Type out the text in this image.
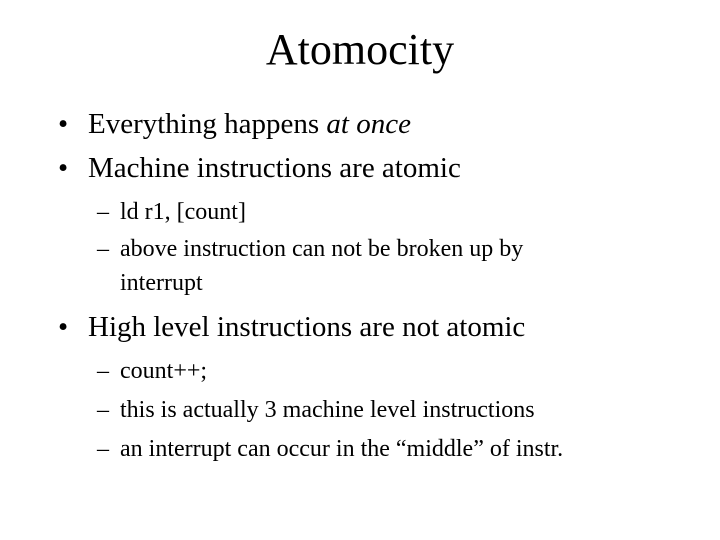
Atomocity
• Everything happens at once
• Machine instructions are atomic
– ld r1, [count]
– above instruction can not be broken up by
interrupt
• High level instructions are not atomic
– count++;
– this is actually 3 machine level instructions
– an interrupt can occur in the “middle” of instr.
